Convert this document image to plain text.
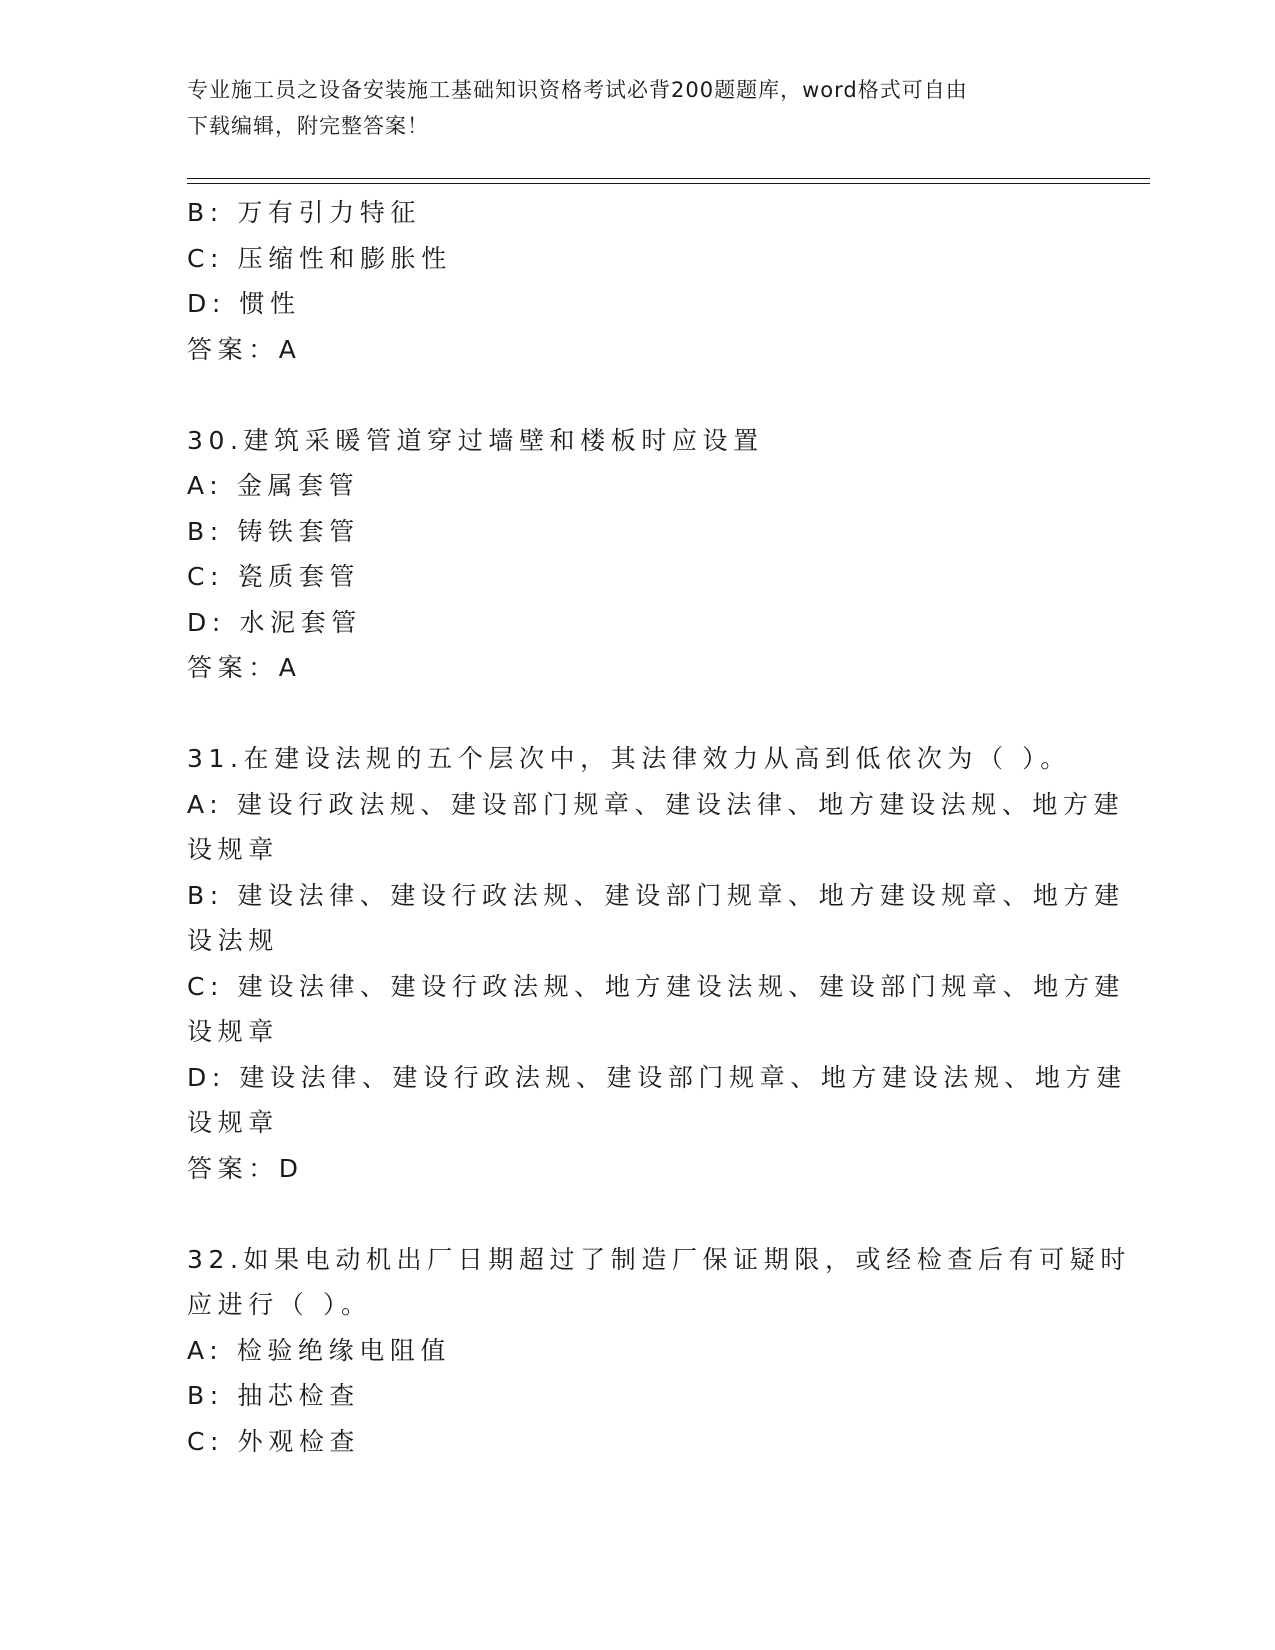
专业施工员之设备安装施工基础知识资格考试必背200题题库，word格式可自由
下载编辑，附完整答案！
B: 万有引力特征
C: 压缩性和膨胀性
D: 惯性
答案：A
30.建筑采暖管道穿过墙壁和楼板时应设置
A: 金属套管
B: 铸铁套管
C: 瓷质套管
D: 水泥套管
答案：A
31.在建设法规的五个层次中，其法律效力从高到低依次为（ ）。
A: 建设行政法规、建设部门规章、建设法律、地方建设法规、地方建
设规章
B: 建设法律、建设行政法规、建设部门规章、地方建设规章、地方建
设法规
C: 建设法律、建设行政法规、地方建设法规、建设部门规章、地方建
设规章
D: 建设法律、建设行政法规、建设部门规章、地方建设法规、地方建
设规章
答案：D
32.如果电动机出厂日期超过了制造厂保证期限，或经检查后有可疑时
应进行（ ）。
A: 检验绝缘电阻值
B: 抽芯检查
C: 外观检查
